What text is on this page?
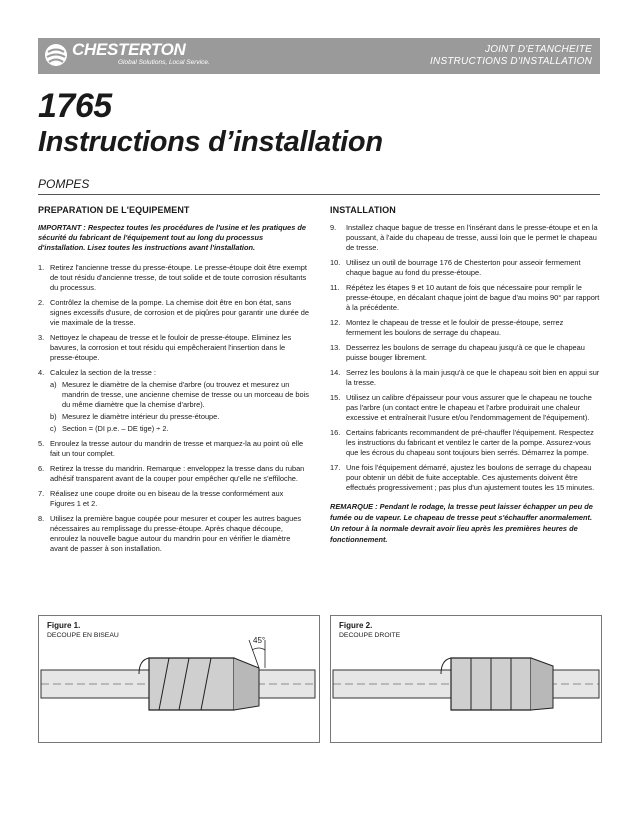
CHESTERTON
Global Solutions, Local Service.
JOINT D'ETANCHEITE
INSTRUCTIONS D'INSTALLATION
1765
Instructions d’installation
POMPES
PREPARATION DE L'EQUIPEMENT
IMPORTANT : Respectez toutes les procédures de l'usine et les pratiques de sécurité du fabricant de l'équipement tout au long du processus d'installation. Lisez toutes les instructions avant l'installation.
1. Retirez l'ancienne tresse du presse-étoupe. Le presse-étoupe doit être exempt de tout résidu d'ancienne tresse, de tout solide et de toute corrosion résultants du processus.
2. Contrôlez la chemise de la pompe. La chemise doit être en bon état, sans signes excessifs d'usure, de corrosion et de piqûres pour garantir une durée de vie maximale de la tresse.
3. Nettoyez le chapeau de tresse et le fouloir de presse-étoupe. Eliminez les bavures, la corrosion et tout résidu qui empêcheraient l'insertion dans le presse-étoupe.
4. Calculez la section de la tresse :
a) Mesurez le diamètre de la chemise d'arbre (ou trouvez et mesurez un mandrin de tresse, une ancienne chemise de tresse ou un morceau de bois du même diamètre que la chemise d'arbre).
b) Mesurez le diamètre intérieur du presse-étoupe.
c) Section = (DI p.e. – DE tige) ÷ 2.
5. Enroulez la tresse autour du mandrin de tresse et marquez-la au point où elle fait un tour complet.
6. Retirez la tresse du mandrin. Remarque : enveloppez la tresse dans du ruban adhésif transparent avant de la couper pour empêcher qu'elle ne s'effiloche.
7. Réalisez une coupe droite ou en biseau de la tresse conformément aux Figures 1 et 2.
8. Utilisez la première bague coupée pour mesurer et couper les autres bagues nécessaires au remplissage du presse-étoupe. Après chaque découpe, enroulez la nouvelle bague autour du mandrin pour en vérifier le diamètre avant de passer à son installation.
INSTALLATION
9. Installez chaque bague de tresse en l'insérant dans le presse-étoupe et en la poussant, à l'aide du chapeau de tresse, aussi loin que le permet le chapeau de tresse.
10. Utilisez un outil de bourrage 176 de Chesterton pour asseoir fermement chaque bague au fond du presse-étoupe.
11. Répétez les étapes 9 et 10 autant de fois que nécessaire pour remplir le presse-étoupe, en décalant chaque joint de bague d'au moins 90° par rapport à la précédente.
12. Montez le chapeau de tresse et le fouloir de presse-étoupe, serrez fermement les boulons de serrage du chapeau.
13. Desserrez les boulons de serrage du chapeau jusqu'à ce que le chapeau puisse bouger librement.
14. Serrez les boulons à la main jusqu'à ce que le chapeau soit bien en appui sur la tresse.
15. Utilisez un calibre d'épaisseur pour vous assurer que le chapeau ne touche pas l'arbre (un contact entre le chapeau et l'arbre produirait une chaleur excessive et entraînerait l'usure et/ou l'endommagement de l'équipement).
16. Certains fabricants recommandent de pré-chauffer l'équipement. Respectez les instructions du fabricant et ventilez le carter de la pompe. Assurez-vous que les écrous du chapeau sont toujours bien serrés. Démarrez la pompe.
17. Une fois l'équipement démarré, ajustez les boulons de serrage du chapeau pour obtenir un débit de fuite acceptable. Ces ajustements doivent être effectués progressivement ; pas plus d'un ajustement toutes les 15 minutes.
REMARQUE : Pendant le rodage, la tresse peut laisser échapper un peu de fumée ou de vapeur. Le chapeau de tresse peut s'échauffer anormalement. Un retour à la normale devrait avoir lieu après les premières heures de fonctionnement.
Figure 1.
DECOUPE EN BISEAU
45°
Figure 2.
DECOUPE DROITE
